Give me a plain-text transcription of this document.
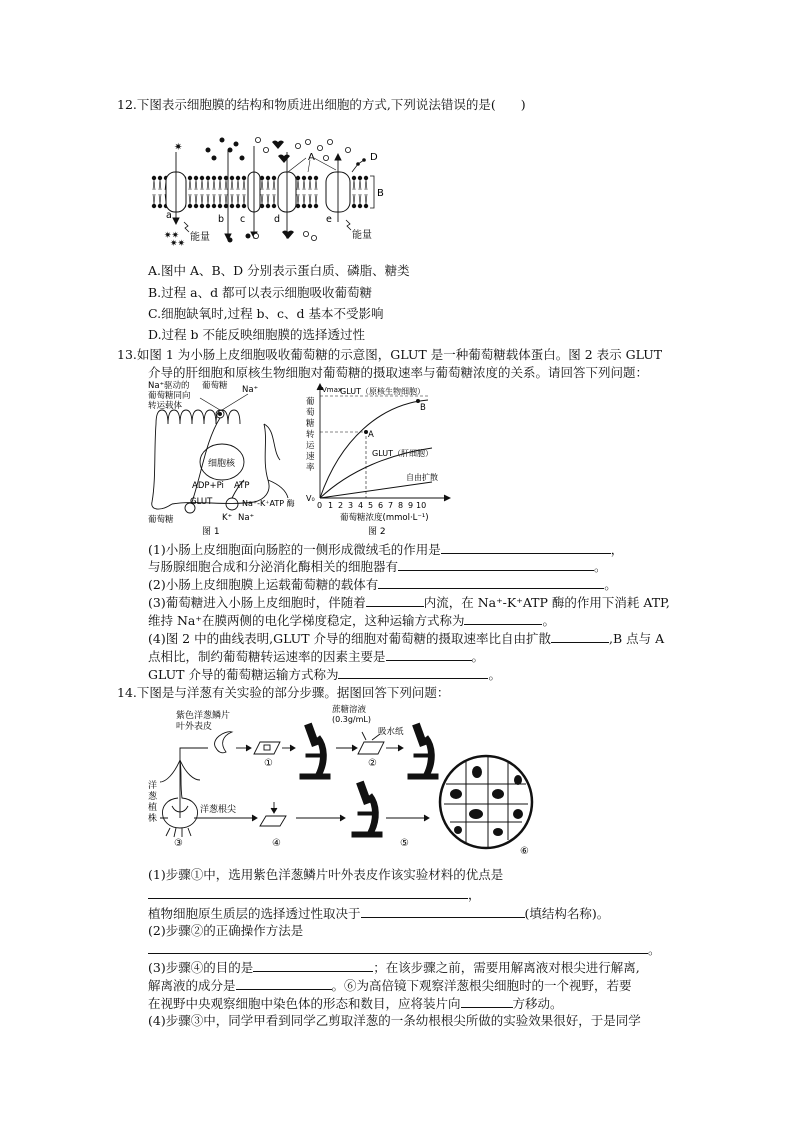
12.下图表示细胞膜的结构和物质进出细胞的方式,下列说法错误的是(　　)
B
A	D
a	b c	d	e
✷
✷✷
✷✷
能量	能量
A.图中 A、B、D 分别表示蛋白质、磷脂、糖类
B.过程 a、d 都可以表示细胞吸收葡萄糖
C.细胞缺氧时,过程 b、c、d 基本不受影响
D.过程 b 不能反映细胞膜的选择透过性
13.如图 1 为小肠上皮细胞吸收葡萄糖的示意图，GLUT 是一种葡萄糖载体蛋白。图 2 表示 GLUT
介导的肝细胞和原核生物细胞对葡萄糖的摄取速率与葡萄糖浓度的关系。请回答下列问题：
Na⁺驱动的
葡萄糖同向
转运载体
葡萄糖 Na⁺
细胞核
ADP+Pi ATP
GLUT	Na⁺-K⁺ATP 酶
葡萄糖	K⁺ Na⁺
图 1
Vmax
V₀
GLUT（原核生物细胞）
GLUT（肝细胞）
自由扩散
A
B
葡萄糖转运速率
0 1 2 3 4 5 6 7 8 9 10
葡萄糖浓度(mmol·L⁻¹)
图 2
(1)小肠上皮细胞面向肠腔的一侧形成微绒毛的作用是	，
与肠腺细胞合成和分泌消化酶相关的细胞器有	。
(2)小肠上皮细胞膜上运载葡萄糖的载体有	。
(3)葡萄糖进入小肠上皮细胞时，伴随着	内流，在 Na⁺-K⁺ATP 酶的作用下消耗 ATP,
维持 Na⁺在膜两侧的电化学梯度稳定，这种运输方式称为	。
(4)图 2 中的曲线表明,GLUT 介导的细胞对葡萄糖的摄取速率比自由扩散	,B 点与 A
点相比，制约葡萄糖转运速率的因素主要是	。
GLUT 介导的葡萄糖运输方式称为	。
14.下图是与洋葱有关实验的部分步骤。据图回答下列问题：
紫色洋葱鳞片
叶外表皮
蔗糖溶液
(0.3g/mL)
吸水纸
洋葱植株
洋葱根尖
①	②
③	④	⑤
⑥
(1)步骤①中，选用紫色洋葱鳞片叶外表皮作该实验材料的优点是
，
植物细胞原生质层的选择透过性取决于	(填结构名称)。
(2)步骤②的正确操作方法是
。
(3)步骤④的目的是	；在该步骤之前，需要用解离液对根尖进行解离,
解离液的成分是	。⑥为高倍镜下观察洋葱根尖细胞时的一个视野，若要
在视野中央观察细胞中染色体的形态和数目，应将装片向	方移动。
(4)步骤③中，同学甲看到同学乙剪取洋葱的一条幼根根尖所做的实验效果很好，于是同学
